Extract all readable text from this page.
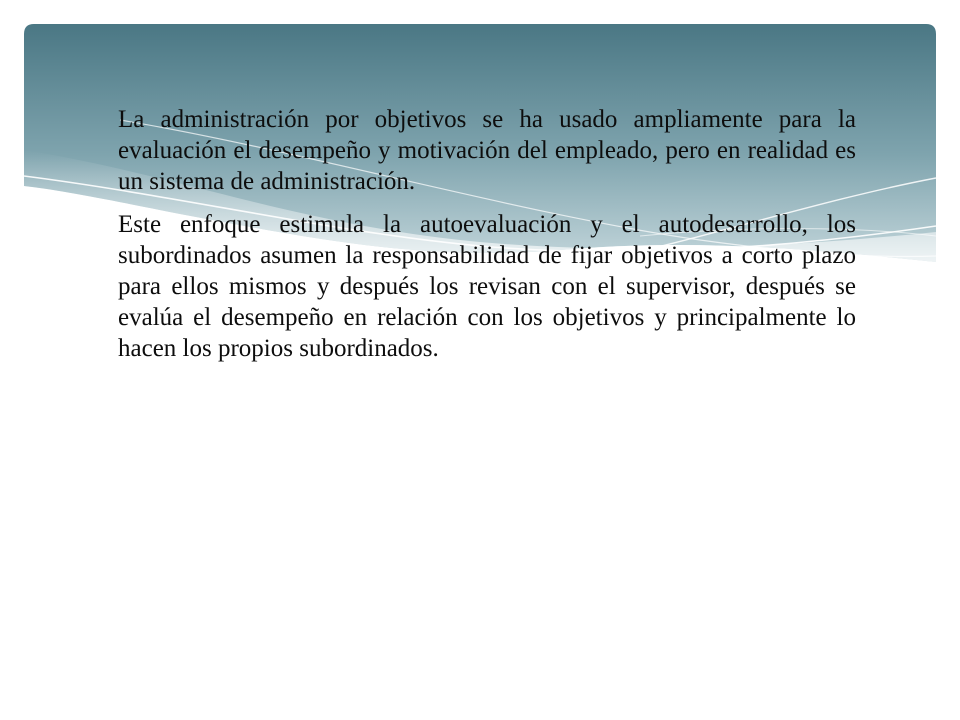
La administración por objetivos se ha usado ampliamente para la evaluación el desempeño y motivación del empleado, pero en realidad es un sistema de administración.

Este enfoque estimula la autoevaluación y el autodesarrollo, los subordinados asumen la responsabilidad de fijar objetivos a corto plazo para ellos mismos y después los revisan con el supervisor, después se evalúa el desempeño en relación con los objetivos y principalmente lo hacen los propios subordinados.
